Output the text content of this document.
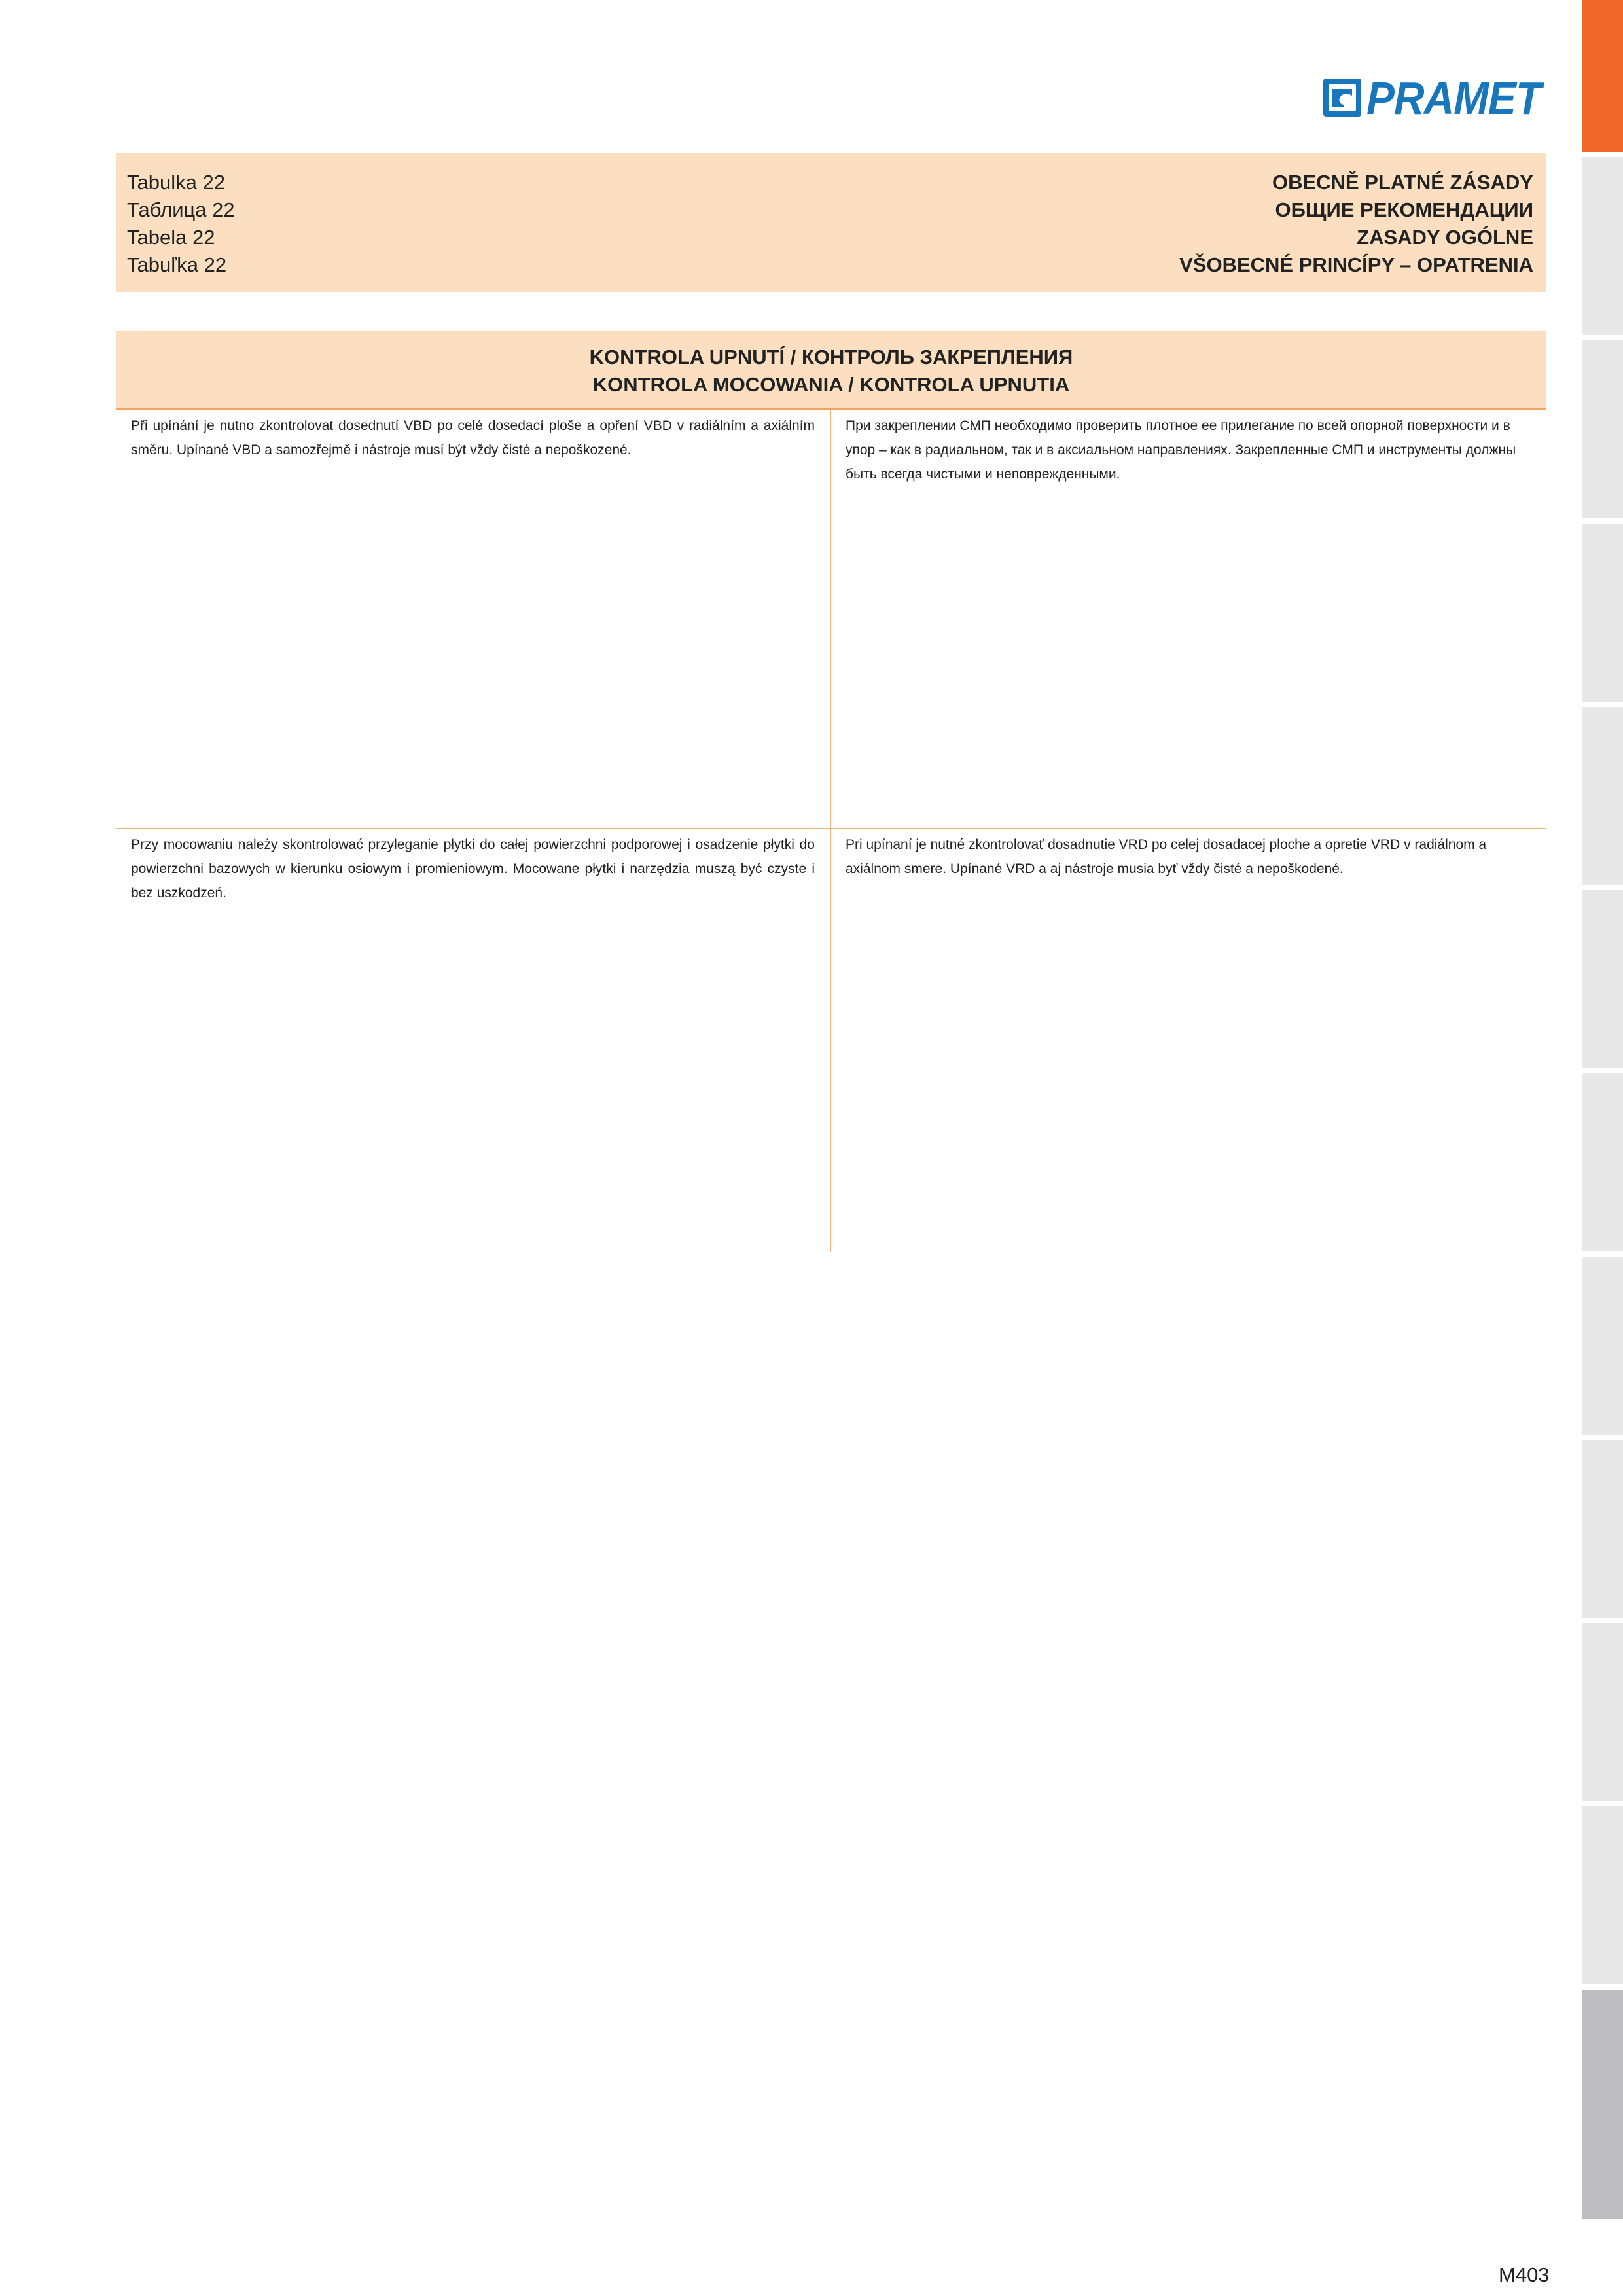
PRAMET
Tabulka 22
Таблица 22
Tabela 22
Tabuľka 22
OBECNĚ PLATNÉ ZÁSADY
ОБЩИЕ РЕКОМЕНДАЦИИ
ZASADY OGÓLNE
VŠOBECNÉ PRINCÍPY – OPATRENIA
KONTROLA UPNUTÍ / КОНТРОЛЬ ЗАКРЕПЛЕНИЯ
KONTROLA MOCOWANIA / KONTROLA UPNUTIA
Při upínání je nutno zkontrolovat dosednutí VBD po celé dosedací ploše a opření VBD v radiálním a axiálním směru. Upínané VBD a samozřejmě i nástroje musí být vždy čisté a nepoškozené.
При закреплении СМП необходимо проверить плотное ее прилегание по всей опорной поверхности и в упор – как в радиальном, так и в аксиальном направлениях. Закрепленные СМП и инструменты должны быть всегда чистыми и неповрежденными.
Przy mocowaniu należy skontrolować przyleganie płytki do całej powierzchni podporowej i osadzenie płytki do powierzchni bazowych w kierunku osiowym i promieniowym. Mocowane płytki i narzędzia muszą być czyste i bez uszkodzeń.
Pri upínaní je nutné zkontrolovať dosadnutie VRD po celej dosadacej ploche a opretie VRD v radiálnom a axiálnom smere. Upínané VRD a aj nástroje musia byť vždy čisté a nepoškodené.
M403
